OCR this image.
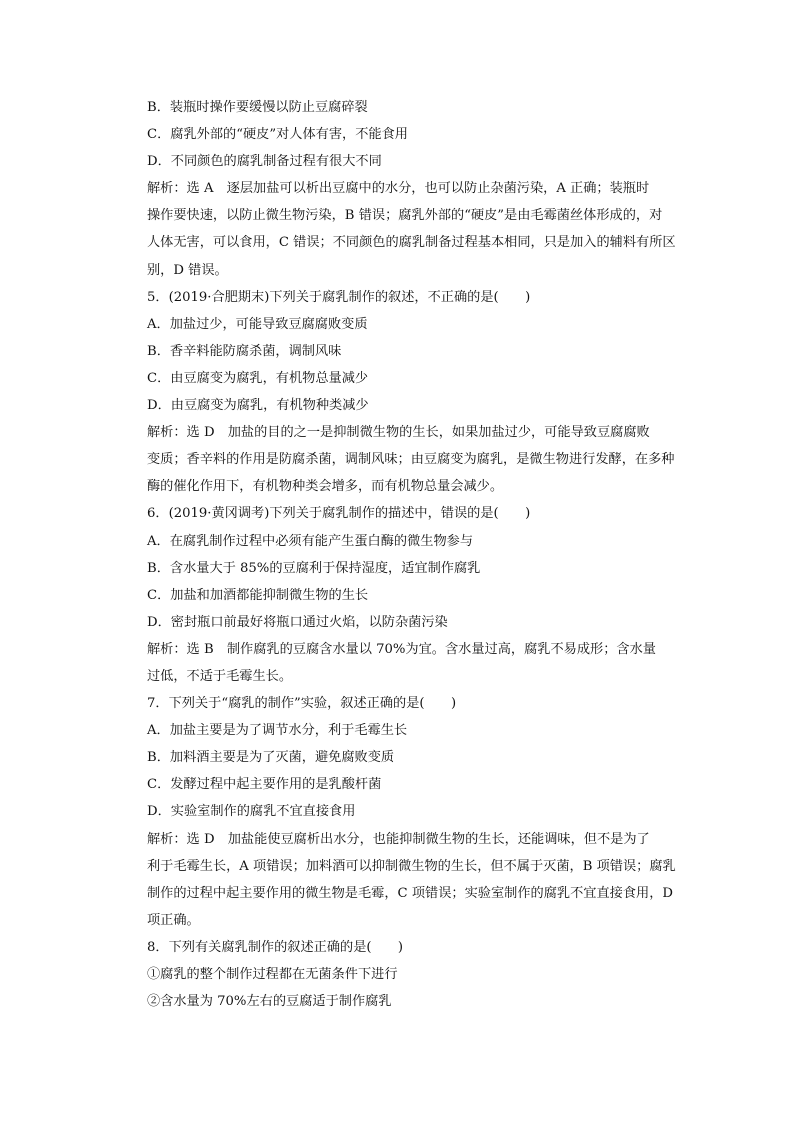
B．装瓶时操作要缓慢以防止豆腐碎裂
C．腐乳外部的“硬皮”对人体有害，不能食用
D．不同颜色的腐乳制备过程有很大不同
解析：选 A　逐层加盐可以析出豆腐中的水分，也可以防止杂菌污染，A 正确；装瓶时
操作要快速，以防止微生物污染，B 错误；腐乳外部的“硬皮”是由毛霉菌丝体形成的，对
人体无害，可以食用，C 错误；不同颜色的腐乳制备过程基本相同，只是加入的辅料有所区
别，D 错误。
5．(2019·合肥期末)下列关于腐乳制作的叙述，不正确的是(　　)
A．加盐过少，可能导致豆腐腐败变质
B．香辛料能防腐杀菌，调制风味
C．由豆腐变为腐乳，有机物总量减少
D．由豆腐变为腐乳，有机物种类减少
解析：选 D　加盐的目的之一是抑制微生物的生长，如果加盐过少，可能导致豆腐腐败
变质；香辛料的作用是防腐杀菌，调制风味；由豆腐变为腐乳，是微生物进行发酵，在多种
酶的催化作用下，有机物种类会增多，而有机物总量会减少。
6．(2019·黄冈调考)下列关于腐乳制作的描述中，错误的是(　　)
A．在腐乳制作过程中必须有能产生蛋白酶的微生物参与
B．含水量大于 85%的豆腐利于保持湿度，适宜制作腐乳
C．加盐和加酒都能抑制微生物的生长
D．密封瓶口前最好将瓶口通过火焰，以防杂菌污染
解析：选 B　制作腐乳的豆腐含水量以 70%为宜。含水量过高，腐乳不易成形；含水量
过低，不适于毛霉生长。
7．下列关于“腐乳的制作”实验，叙述正确的是(　　)
A．加盐主要是为了调节水分，利于毛霉生长
B．加料酒主要是为了灭菌，避免腐败变质
C．发酵过程中起主要作用的是乳酸杆菌
D．实验室制作的腐乳不宜直接食用
解析：选 D　加盐能使豆腐析出水分，也能抑制微生物的生长，还能调味，但不是为了
利于毛霉生长，A 项错误；加料酒可以抑制微生物的生长，但不属于灭菌，B 项错误；腐乳
制作的过程中起主要作用的微生物是毛霉，C 项错误；实验室制作的腐乳不宜直接食用，D
项正确。
8．下列有关腐乳制作的叙述正确的是(　　)
①腐乳的整个制作过程都在无菌条件下进行
②含水量为 70%左右的豆腐适于制作腐乳
